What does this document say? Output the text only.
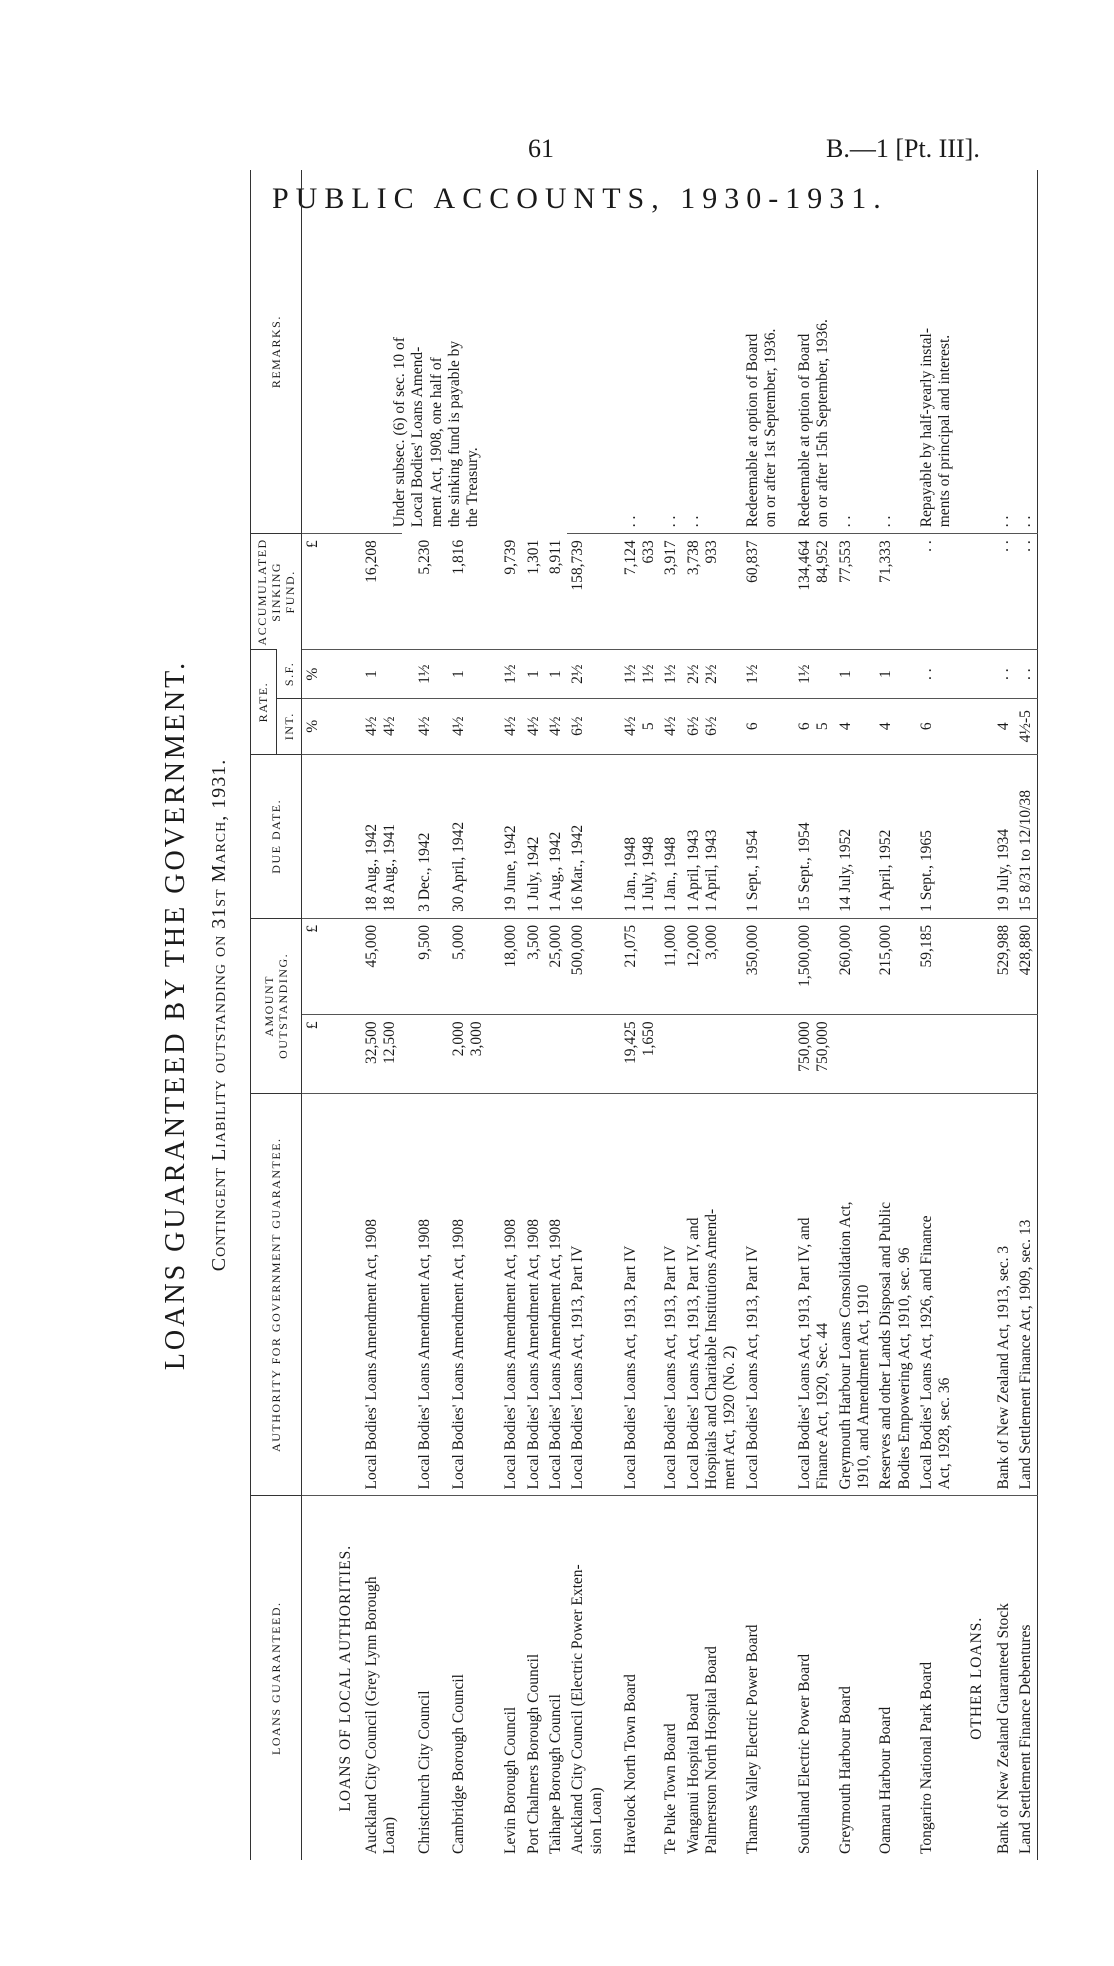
61	B.—1 [Pt. III].
PUBLIC ACCOUNTS, 1930-1931.
LOANS GUARANTEED BY THE GOVERNMENT. Contingent Liability outstanding on 31st March, 1931.
LOANS GUARANTEED.	AUTHORITY FOR GOVERNMENT GUARANTEE.	AMOUNT OUTSTANDING.		DUE DATE.	RATE.		ACCUMULATED SINKING FUND.	REMARKS.
					INT.	S.F.		
		£	£		%	%	£	

LOANS OF LOCAL AUTHORITIES.								

Auckland City Council (Grey Lynn Borough Loan)	Local Bodies' Loans Amendment Act, 1908	32,500 12,500	45,000	18 Aug., 1942 18 Aug., 1941	4½ 4½	1	16,208	Under subsec. (6) of sec. 10 of Local Bodies' Loans Amend- ment Act, 1908, one half of the sinking fund is payable by the Treasury.

Christchurch City Council	Local Bodies' Loans Amendment Act, 1908		9,500	3 Dec., 1942	4½	1½	5,230	
Cambridge Borough Council	Local Bodies' Loans Amendment Act, 1908	2,000 3,000	5,000	30 April, 1942	4½	1	1,816	
Levin Borough Council	Local Bodies' Loans Amendment Act, 1908		18,000	19 June, 1942	4½	1½	9,739	
Port Chalmers Borough Council	Local Bodies' Loans Amendment Act, 1908		3,500	1 July, 1942	4½	1	1,301	
Taihape Borough Council	Local Bodies' Loans Amendment Act, 1908		25,000	1 Aug., 1942	4½	1	8,911	

Auckland City Council (Electric Power Exten- sion Loan)	Local Bodies' Loans Act, 1913, Part IV		500,000	16 Mar., 1942	6½	2½	158,739	
Havelock North Town Board	Local Bodies' Loans Act, 1913, Part IV	19,425 1,650	21,075	1 Jan., 1948 1 July, 1948	4½ 5	1½ 1½	7,124 633	. .
Te Puke Town Board	Local Bodies' Loans Act, 1913, Part IV		11,000	1 Jan., 1948	4½	1½	3,917	. .

Wanganui Hospital Board Palmerston North Hospital Board	Local Bodies' Loans Act, 1913, Part IV, and Hospitals and Charitable Institutions Amend- ment Act, 1920 (No. 2)		12,000 3,000	1 April, 1943 1 April, 1943	6½ 6½	2½ 2½	3,738 933	. .
Thames Valley Electric Power Board	Local Bodies' Loans Act, 1913, Part IV		350,000	1 Sept., 1954	6	1½	60,837	Redeemable at option of Board on or after 1st September, 1936.

Southland Electric Power Board	Local Bodies' Loans Act, 1913, Part IV, and Finance Act, 1920, Sec. 44	750,000 750,000	1,500,000	15 Sept., 1954	6 5	1½	134,464 84,952	Redeemable at option of Board on or after 15th September, 1936.

Greymouth Harbour Board	Greymouth Harbour Loans Consolidation Act, 1910, and Amendment Act, 1910		260,000	14 July, 1952	4	1	77,553	. .
Oamaru Harbour Board	Reserves and other Lands Disposal and Public Bodies Empowering Act, 1910, sec. 96		215,000	1 April, 1952	4	1	71,333	. .
Tongariro National Park Board	Local Bodies' Loans Act, 1926, and Finance Act, 1928, sec. 36		59,185	1 Sept., 1965	6	. .	. .	Repayable by half-yearly instal- ments of principal and interest.

OTHER LOANS.								

Bank of New Zealand Guaranteed Stock	Bank of New Zealand Act, 1913, sec. 3		529,988	19 July, 1934	4	. .	. .	. .
Land Settlement Finance Debentures	Land Settlement Finance Act, 1909, sec. 13		428,880	15 8/31 to 12/10/38	4½-5	. .	. .	. .
